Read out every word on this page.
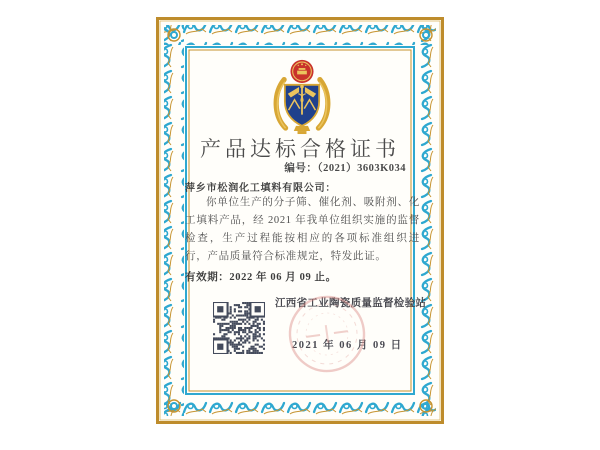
产品达标合格证书
编号：（2021）3603K034
萍乡市松润化工填料有限公司：
你单位生产的分子筛、催化剂、吸附剂、化工填料产品，经 2021 年我单位组织实施的监督检查，生产过程能按相应的各项标准组织进行，产品质量符合标准规定，特发此证。
有效期：2022 年 06 月 09 止。
江西省工业陶瓷质量监督检验站
2021 年 06 月 09 日
